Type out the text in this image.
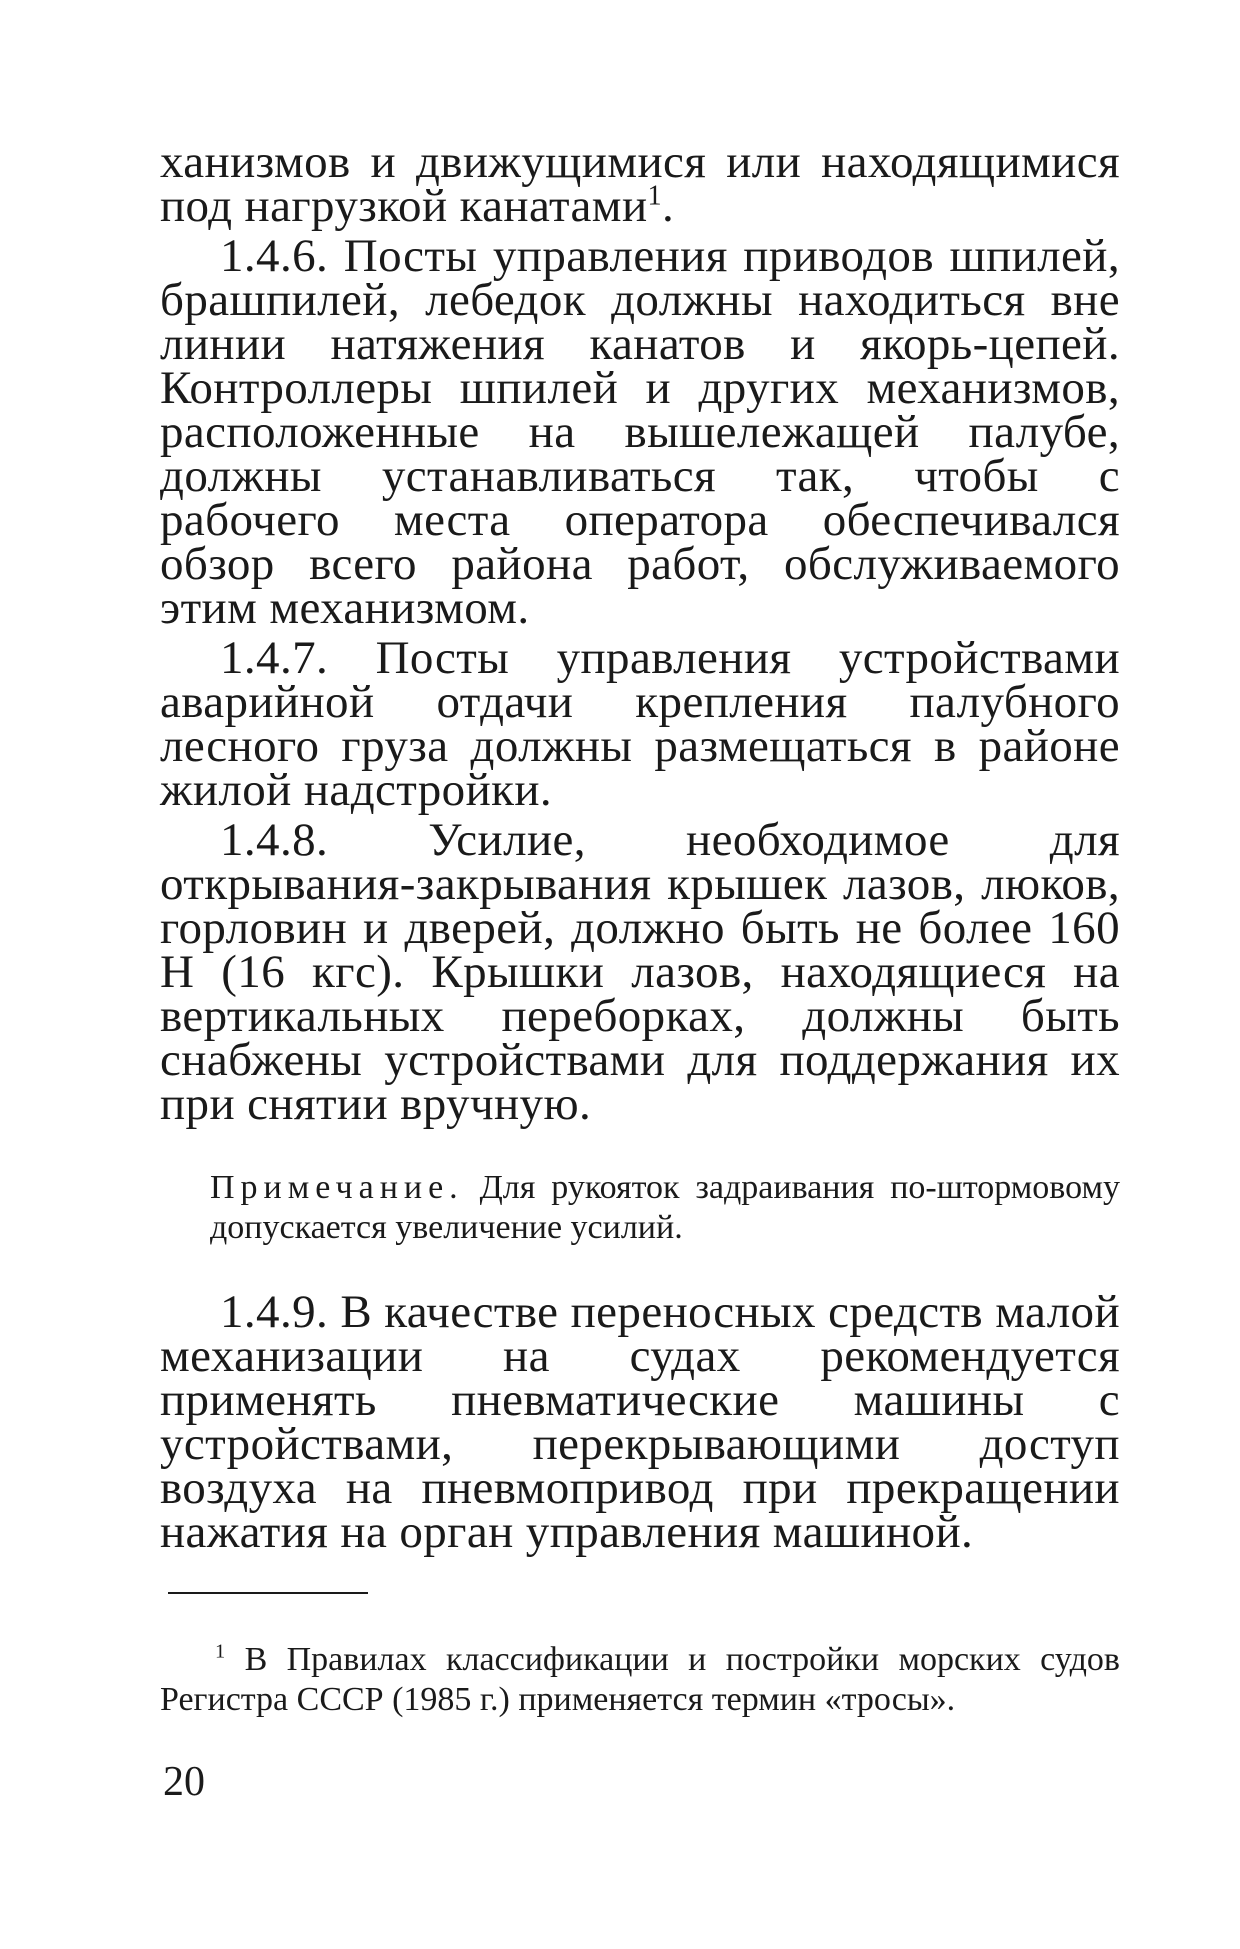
ханизмов и движущимися или находящимися под нагрузкой канатами$^1$.

1.4.6. Посты управления приводов шпилей, брашпилей, лебедок должны находиться вне линии натяжения канатов и якорь-цепей. Контроллеры шпилей и других механизмов, расположенные на вышележащей палубе, должны устанавливаться так, чтобы с рабочего места оператора обеспечивался обзор всего района работ, обслуживаемого этим механизмом.

1.4.7. Посты управления устройствами аварийной отдачи крепления палубного лесного груза должны размещаться в районе жилой надстройки.

1.4.8. Усилие, необходимое для открывания-закрывания крышек лазов, люков, горловин и дверей, должно быть не более 160 Н (16 кгс). Крышки лазов, находящиеся на вертикальных переборках, должны быть снабжены устройствами для поддержания их при снятии вручную.

Примечание. Для рукояток задраивания по-штормовому допускается увеличение усилий.

1.4.9. В качестве переносных средств малой механизации на судах рекомендуется применять пневматические машины с устройствами, перекрывающими доступ воздуха на пневмопривод при прекращении нажатия на орган управления машиной.

$^1$ В Правилах классификации и постройки морских судов Регистра СССР (1985 г.) применяется термин «тросы».
20
